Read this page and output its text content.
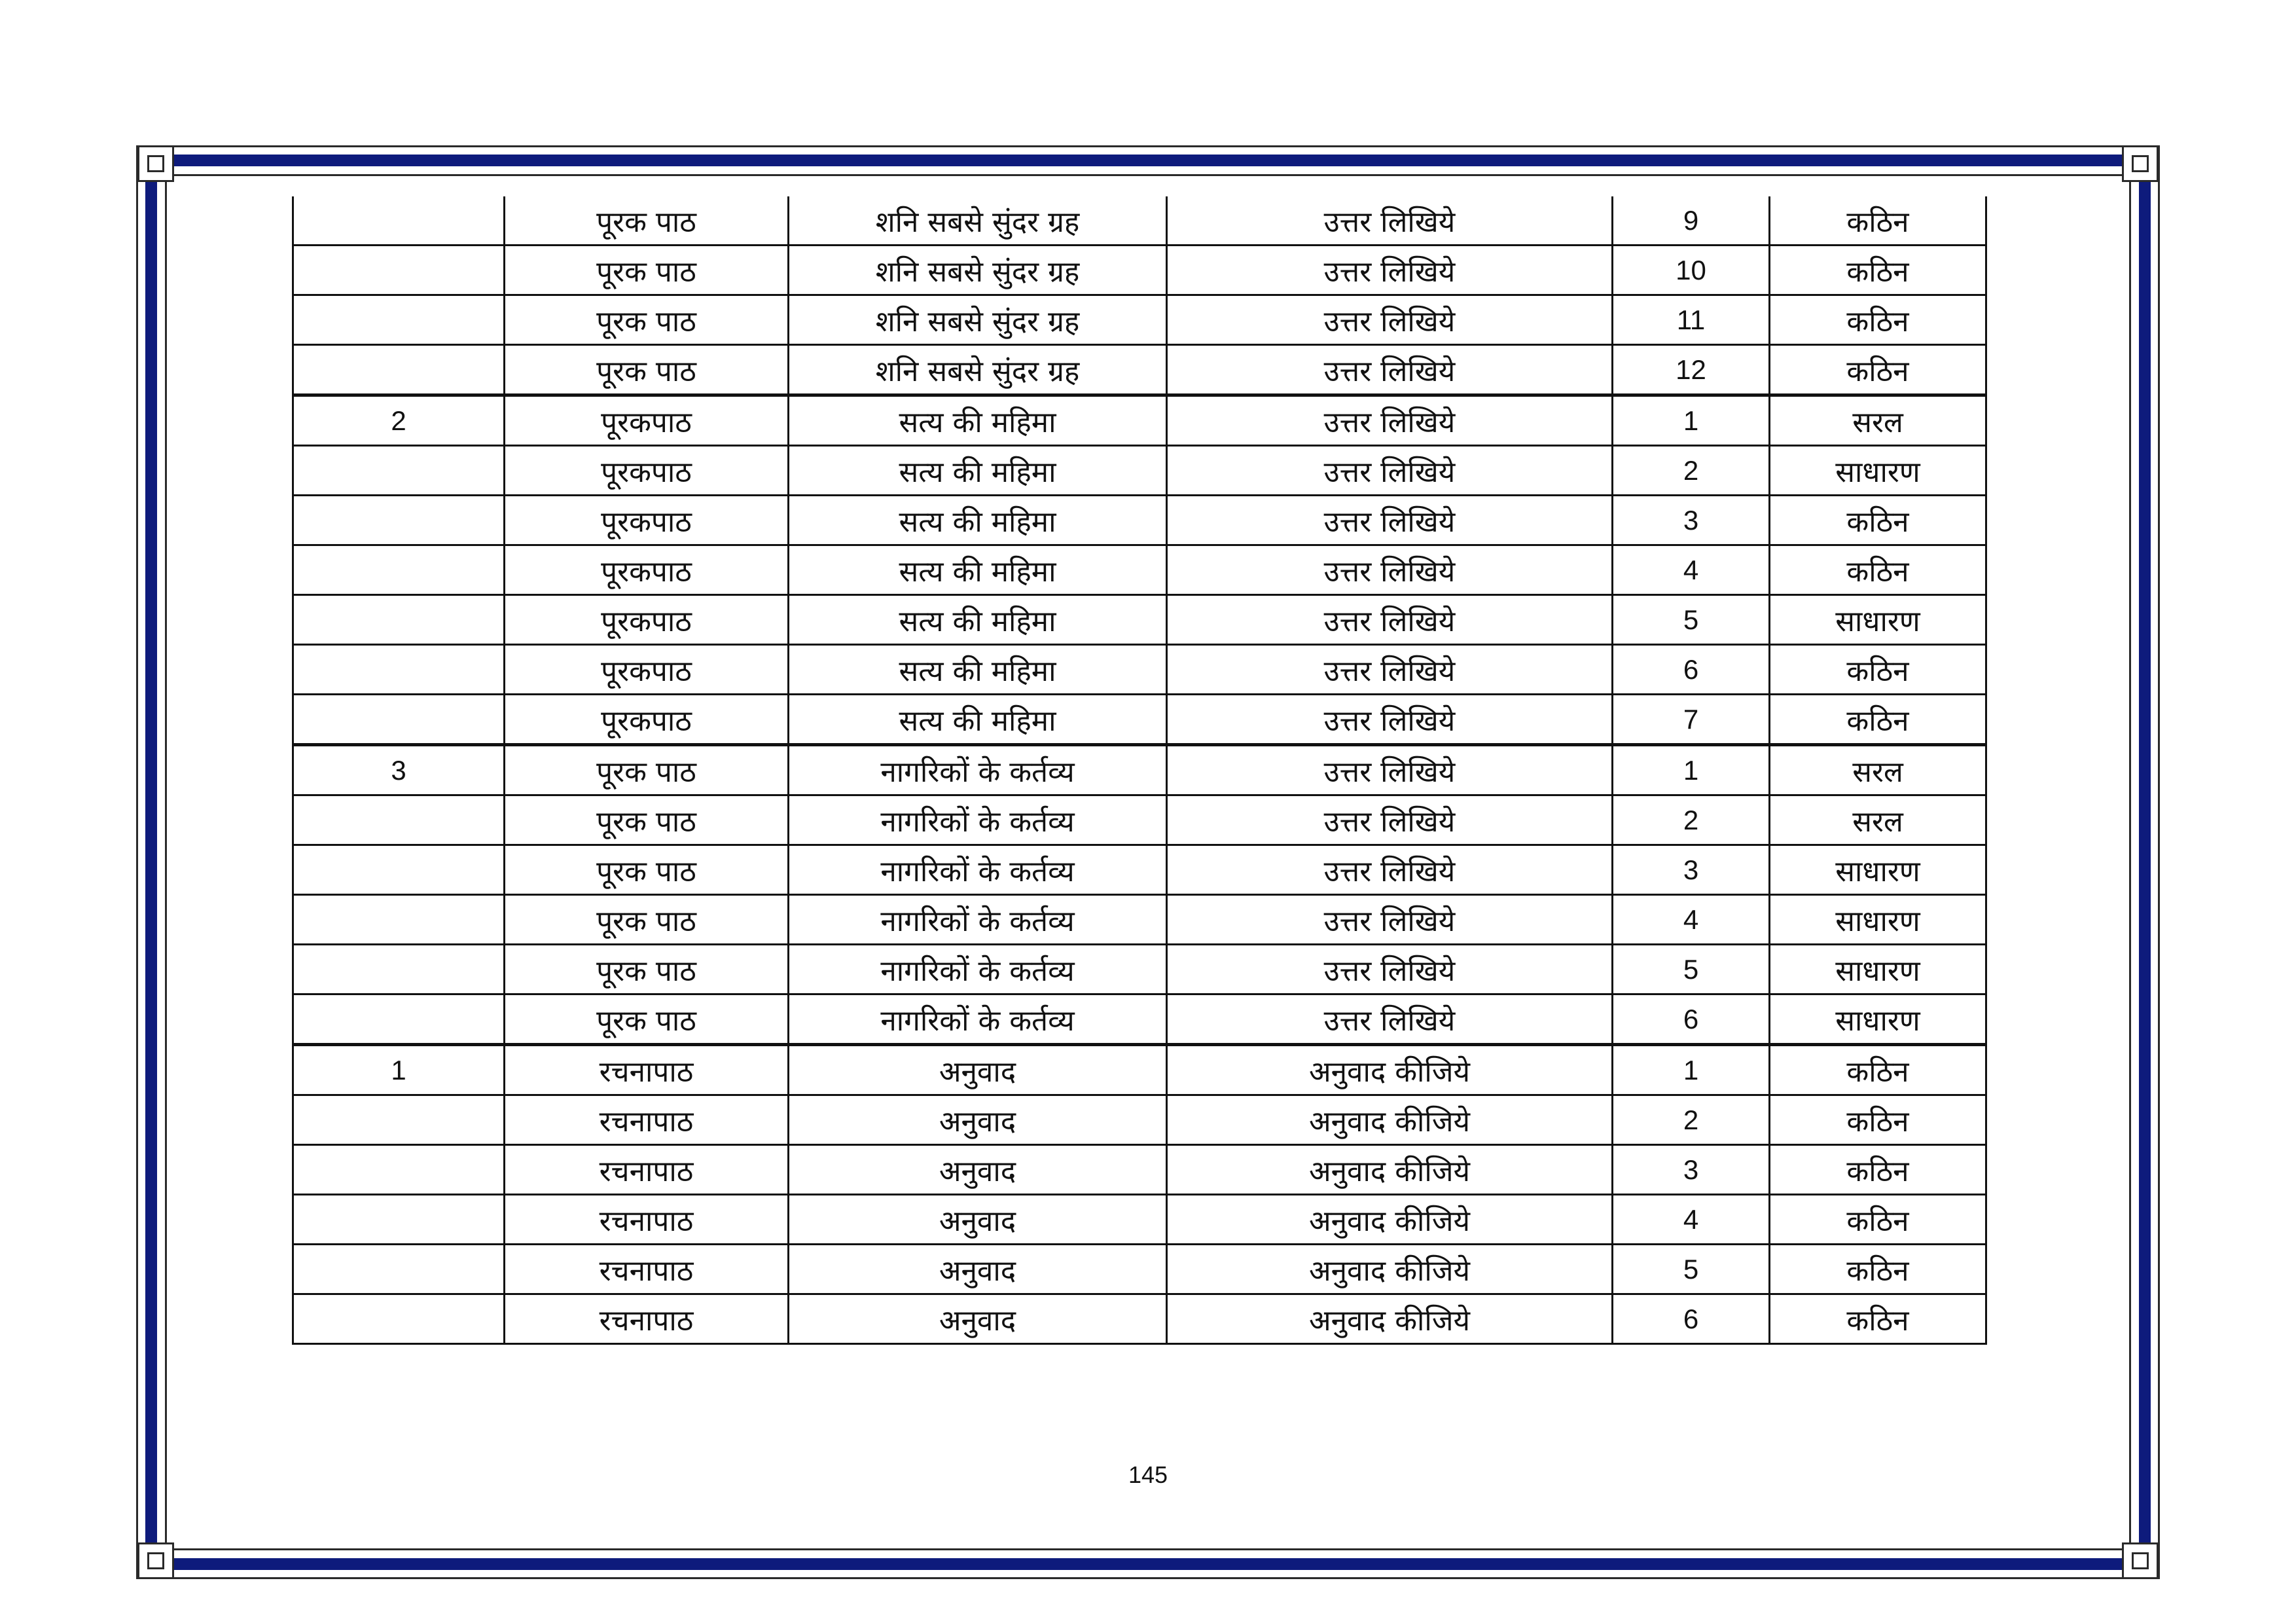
	पूरक पाठ	शनि सबसे सुंदर ग्रह	उत्तर लिखिये	9	कठिन
	पूरक पाठ	शनि सबसे सुंदर ग्रह	उत्तर लिखिये	10	कठिन
	पूरक पाठ	शनि सबसे सुंदर ग्रह	उत्तर लिखिये	11	कठिन
	पूरक पाठ	शनि सबसे सुंदर ग्रह	उत्तर लिखिये	12	कठिन
2	पूरकपाठ	सत्य की महिमा	उत्तर लिखिये	1	सरल
	पूरकपाठ	सत्य की महिमा	उत्तर लिखिये	2	साधारण
	पूरकपाठ	सत्य की महिमा	उत्तर लिखिये	3	कठिन
	पूरकपाठ	सत्य की महिमा	उत्तर लिखिये	4	कठिन
	पूरकपाठ	सत्य की महिमा	उत्तर लिखिये	5	साधारण
	पूरकपाठ	सत्य की महिमा	उत्तर लिखिये	6	कठिन
	पूरकपाठ	सत्य की महिमा	उत्तर लिखिये	7	कठिन
3	पूरक पाठ	नागरिकों के कर्तव्य	उत्तर लिखिये	1	सरल
	पूरक पाठ	नागरिकों के कर्तव्य	उत्तर लिखिये	2	सरल
	पूरक पाठ	नागरिकों के कर्तव्य	उत्तर लिखिये	3	साधारण
	पूरक पाठ	नागरिकों के कर्तव्य	उत्तर लिखिये	4	साधारण
	पूरक पाठ	नागरिकों के कर्तव्य	उत्तर लिखिये	5	साधारण
	पूरक पाठ	नागरिकों के कर्तव्य	उत्तर लिखिये	6	साधारण
1	रचनापाठ	अनुवाद	अनुवाद कीजिये	1	कठिन
	रचनापाठ	अनुवाद	अनुवाद कीजिये	2	कठिन
	रचनापाठ	अनुवाद	अनुवाद कीजिये	3	कठिन
	रचनापाठ	अनुवाद	अनुवाद कीजिये	4	कठिन
	रचनापाठ	अनुवाद	अनुवाद कीजिये	5	कठिन
	रचनापाठ	अनुवाद	अनुवाद कीजिये	6	कठिन
145
